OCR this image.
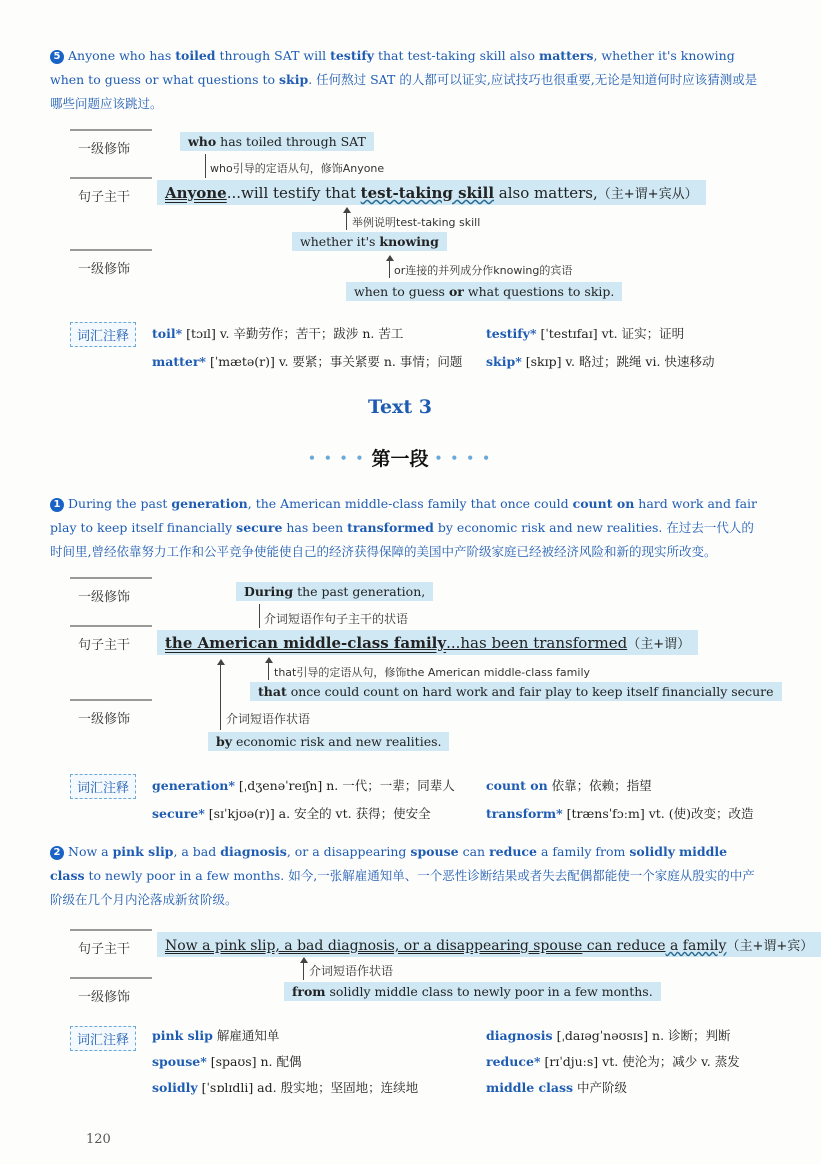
5 Anyone who has toiled through SAT will testify that test-taking skill also matters, whether it's knowing when to guess or what questions to skip. 任何熬过 SAT 的人都可以证实,应试技巧也很重要,无论是知道何时应该猜测或是哪些问题应该跳过。
一级修饰
句子主干
一级修饰
who has toiled through SAT
who引导的定语从句，修饰Anyone
Anyone...will testify that test-taking skill also matters,（主+谓+宾从）
举例说明test-taking skill
whether it's knowing
or连接的并列成分作knowing的宾语
when to guess or what questions to skip.
词汇注释	toil* [tɔɪl] v. 辛勤劳作；苦干；跋涉 n. 苦工	testify* [ˈtestɪfaɪ] vt. 证实；证明
matter* [ˈmætə(r)] v. 要紧；事关紧要 n. 事情；问题 skip* [skɪp] v. 略过；跳绳 vi. 快速移动
Text 3
• • • • 第一段 • • • •
1 During the past generation, the American middle-class family that once could count on hard work and fair play to keep itself financially secure has been transformed by economic risk and new realities. 在过去一代人的时间里,曾经依靠努力工作和公平竞争使能使自己的经济获得保障的美国中产阶级家庭已经被经济风险和新的现实所改变。
一级修饰
句子主干
一级修饰
During the past generation,
介词短语作句子主干的状语
the American middle-class family...has been transformed（主+谓）
that引导的定语从句，修饰the American middle-class family
that once could count on hard work and fair play to keep itself financially secure
介词短语作状语
by economic risk and new realities.
词汇注释	generation* [ˌdʒenəˈreɪʃn] n. 一代；一辈；同辈人	count on 依靠；依赖；指望
secure* [sɪˈkjʊə(r)] a. 安全的 vt. 获得；使安全	transform* [trænsˈfɔːm] vt. (使)改变；改造
2 Now a pink slip, a bad diagnosis, or a disappearing spouse can reduce a family from solidly middle class to newly poor in a few months. 如今,一张解雇通知单、一个恶性诊断结果或者失去配偶都能使一个家庭从殷实的中产阶级在几个月内沦落成新贫阶级。
句子主干
一级修饰
Now a pink slip, a bad diagnosis, or a disappearing spouse can reduce a family（主+谓+宾）
介词短语作状语
from solidly middle class to newly poor in a few months.
词汇注释	pink slip 解雇通知单	diagnosis [ˌdaɪəgˈnəʊsɪs] n. 诊断；判断
spouse* [spaʊs] n. 配偶	reduce* [rɪˈdjuːs] vt. 使沦为；减少 v. 蒸发
solidly [ˈsɒlɪdli] ad. 殷实地；坚固地；连续地	middle class 中产阶级
120
